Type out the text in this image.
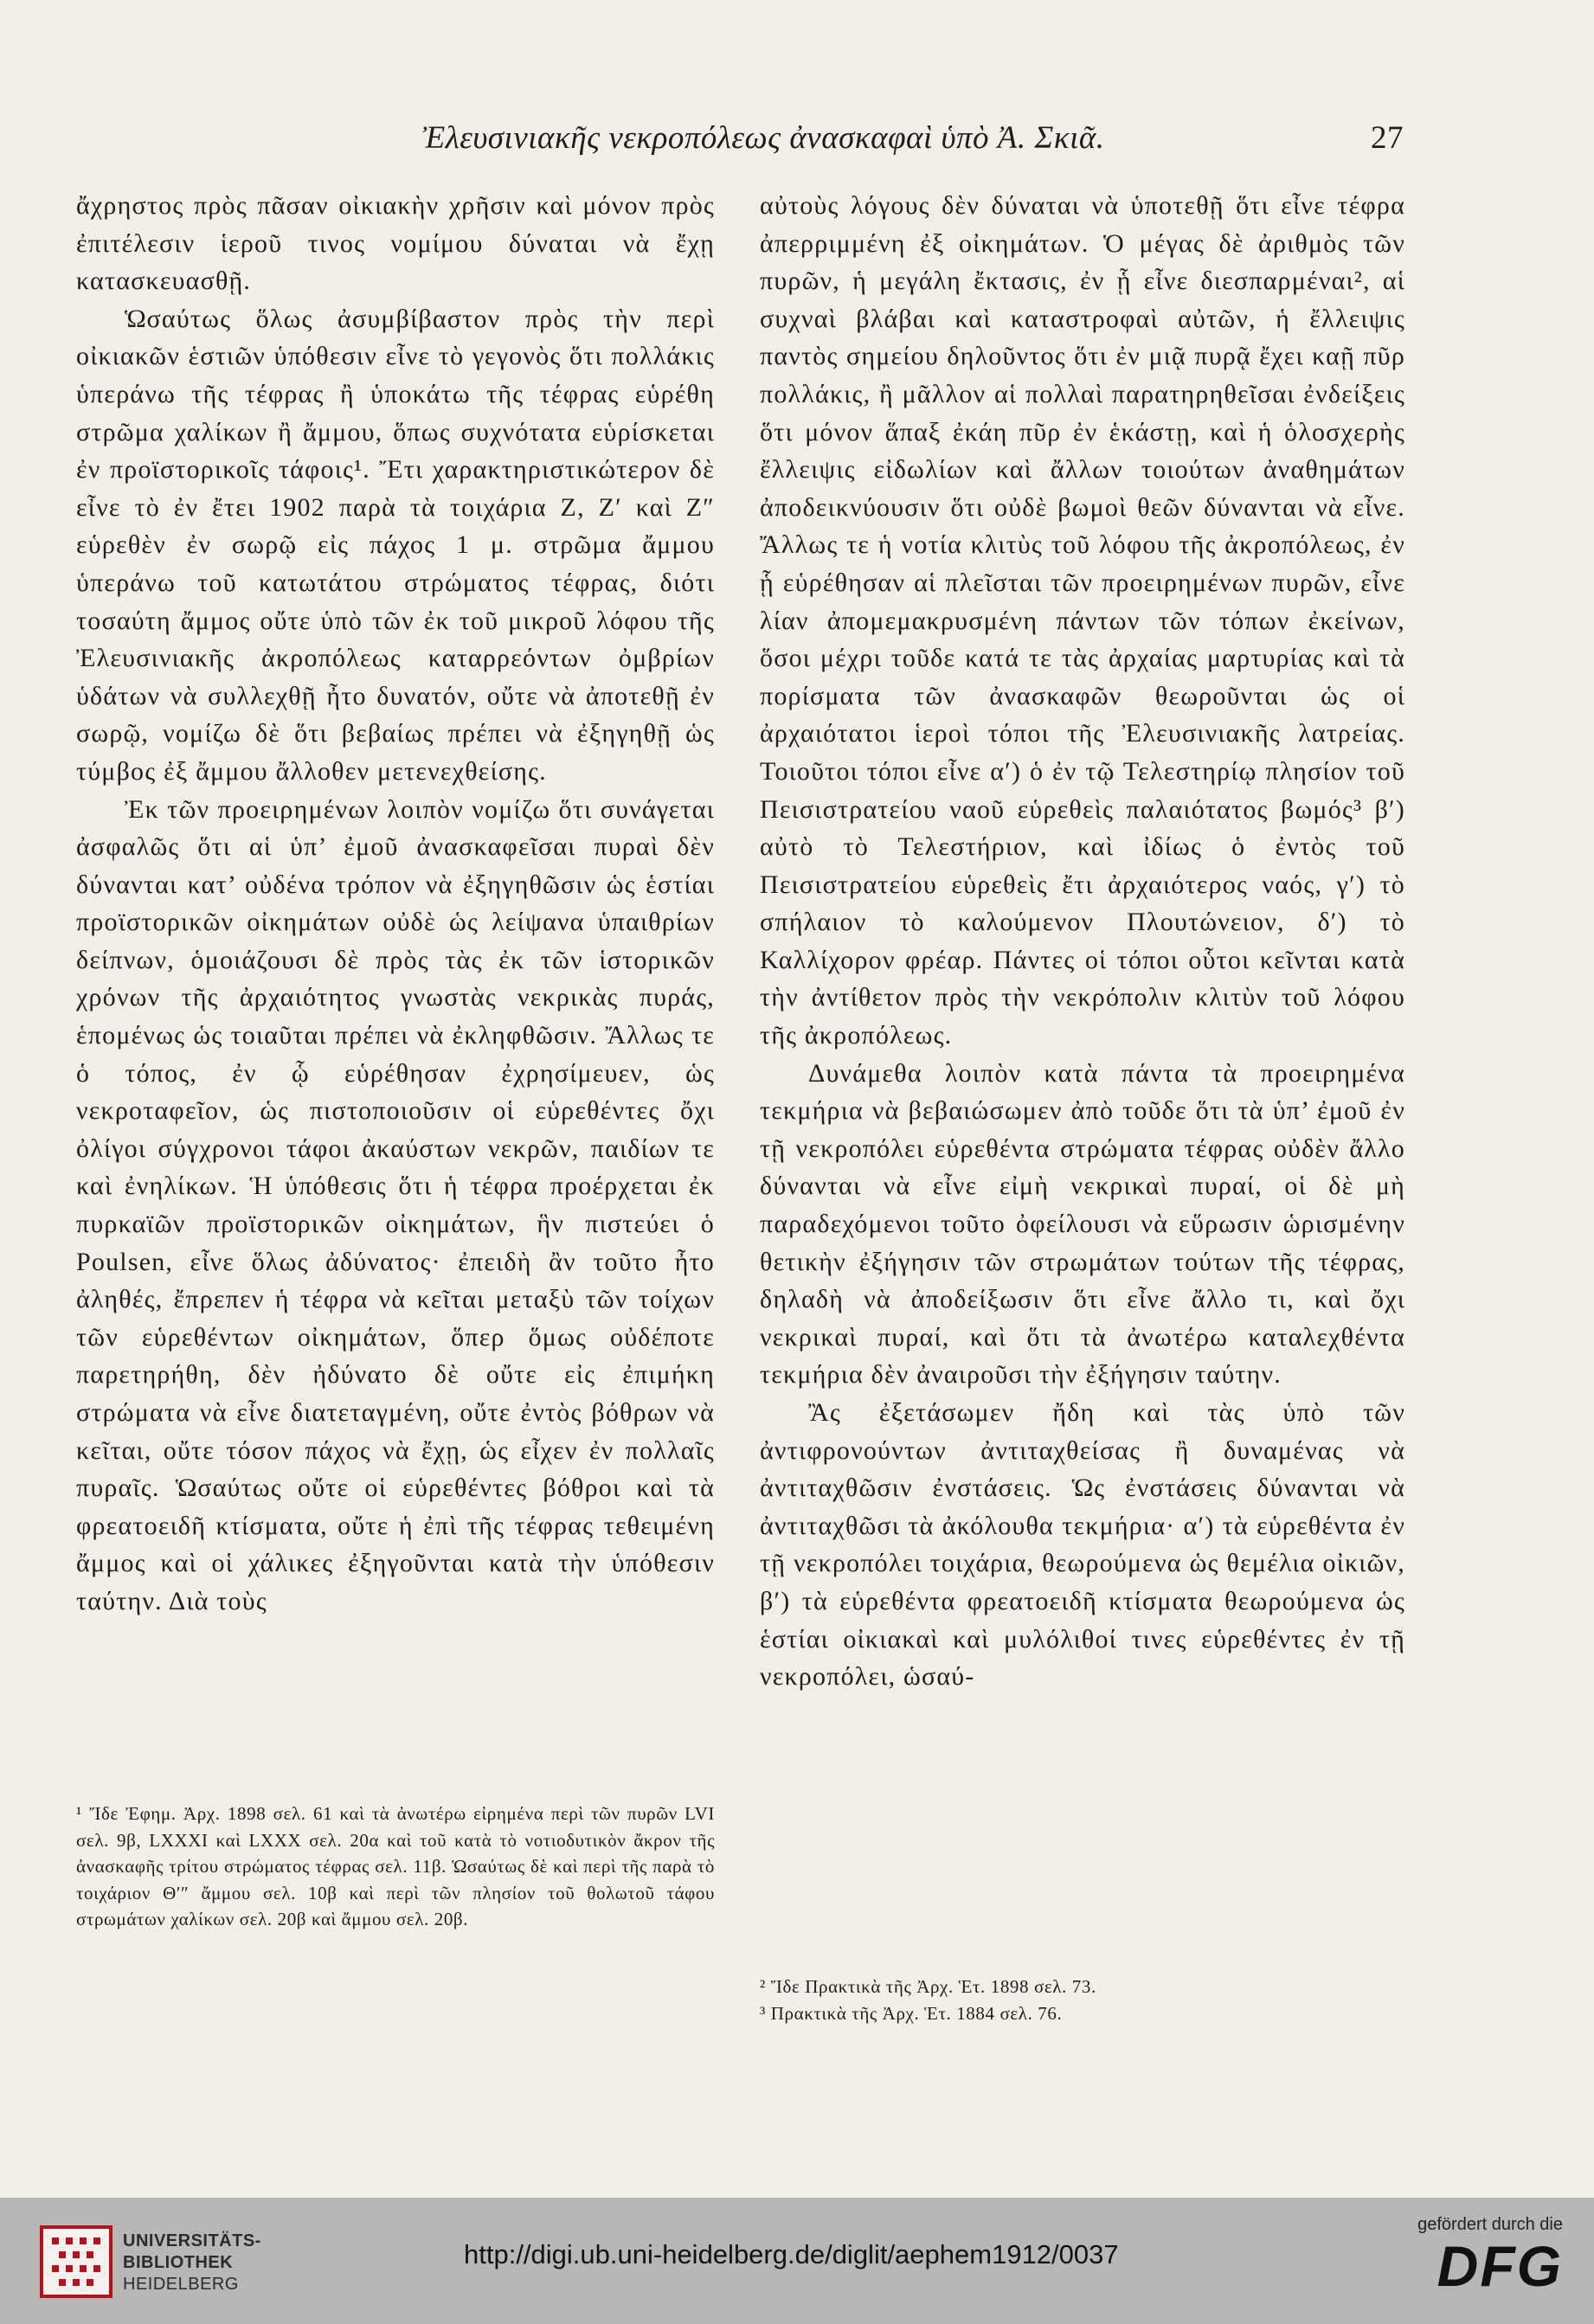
Ἐλευσινιακῆς νεκροπόλεως ἀνασκαφαὶ ὑπὸ Ἀ. Σκιᾶ.	27

ἄχρηστος πρὸς πᾶσαν οἰκιακὴν χρῆσιν καὶ μόνον πρὸς ἐπιτέλεσιν ἱεροῦ τινος νομίμου δύναται νὰ ἔχῃ κατασκευασθῇ.

Ὡσαύτως ὅλως ἀσυμβίβαστον πρὸς τὴν περὶ οἰκιακῶν ἑστιῶν ὑπόθεσιν εἶνε τὸ γεγονὸς ὅτι πολλάκις ὑπεράνω τῆς τέφρας ἢ ὑποκάτω τῆς τέφρας εὑρέθη στρῶμα χαλίκων ἢ ἄμμου, ὅπως συχνότατα εὑρίσκεται ἐν προϊστορικοῖς τάφοις¹. Ἔτι χαρακτηριστικώτερον δὲ εἶνε τὸ ἐν ἔτει 1902 παρὰ τὰ τοιχάρια Ζ, Ζ′ καὶ Ζ″ εὑρεθὲν ἐν σωρῷ εἰς πάχος 1 μ. στρῶμα ἄμμου ὑπεράνω τοῦ κατωτάτου στρώματος τέφρας, διότι τοσαύτη ἄμμος οὔτε ὑπὸ τῶν ἐκ τοῦ μικροῦ λόφου τῆς Ἐλευσινιακῆς ἀκροπόλεως καταρρεόντων ὀμβρίων ὑδάτων νὰ συλλεχθῇ ἦτο δυνατόν, οὔτε νὰ ἀποτεθῇ ἐν σωρῷ, νομίζω δὲ ὅτι βεβαίως πρέπει νὰ ἐξηγηθῇ ὡς τύμβος ἐξ ἄμμου ἄλλοθεν μετενεχθείσης.

Ἐκ τῶν προειρημένων λοιπὸν νομίζω ὅτι συνάγεται ἀσφαλῶς ὅτι αἱ ὑπ’ ἐμοῦ ἀνασκαφεῖσαι πυραὶ δὲν δύνανται κατ’ οὐδένα τρόπον νὰ ἐξηγηθῶσιν ὡς ἑστίαι προϊστορικῶν οἰκημάτων οὐδὲ ὡς λείψανα ὑπαιθρίων δείπνων, ὁμοιάζουσι δὲ πρὸς τὰς ἐκ τῶν ἱστορικῶν χρόνων τῆς ἀρχαιότητος γνωστὰς νεκρικὰς πυράς, ἑπομένως ὡς τοιαῦται πρέπει νὰ ἐκληφθῶσιν. Ἄλλως τε ὁ τόπος, ἐν ᾧ εὑρέθησαν ἐχρησίμευεν, ὡς νεκροταφεῖον, ὡς πιστοποιοῦσιν οἱ εὑρεθέντες ὄχι ὀλίγοι σύγχρονοι τάφοι ἀκαύστων νεκρῶν, παιδίων τε καὶ ἐνηλίκων. Ἡ ὑπόθεσις ὅτι ἡ τέφρα προέρχεται ἐκ πυρκαϊῶν προϊστορικῶν οἰκημάτων, ἣν πιστεύει ὁ Poulsen, εἶνε ὅλως ἀδύνατος· ἐπειδὴ ἂν τοῦτο ἦτο ἀληθές, ἔπρεπεν ἡ τέφρα νὰ κεῖται μεταξὺ τῶν τοίχων τῶν εὑρεθέντων οἰκημάτων, ὅπερ ὅμως οὐδέποτε παρετηρήθη, δὲν ἠδύνατο δὲ οὔτε εἰς ἐπιμήκη στρώματα νὰ εἶνε διατεταγμένη, οὔτε ἐντὸς βόθρων νὰ κεῖται, οὔτε τόσον πάχος νὰ ἔχῃ, ὡς εἶχεν ἐν πολλαῖς πυραῖς. Ὡσαύτως οὔτε οἱ εὑρεθέντες βόθροι καὶ τὰ φρεατοειδῆ κτίσματα, οὔτε ἡ ἐπὶ τῆς τέφρας τεθειμένη ἄμμος καὶ οἱ χάλικες ἐξηγοῦνται κατὰ τὴν ὑπόθεσιν ταύτην. Διὰ τοὺς

αὐτοὺς λόγους δὲν δύναται νὰ ὑποτεθῇ ὅτι εἶνε τέφρα ἀπερριμμένη ἐξ οἰκημάτων. Ὁ μέγας δὲ ἀριθμὸς τῶν πυρῶν, ἡ μεγάλη ἔκτασις, ἐν ᾗ εἶνε διεσπαρμέναι², αἱ συχναὶ βλάβαι καὶ καταστροφαὶ αὐτῶν, ἡ ἔλλειψις παντὸς σημείου δηλοῦντος ὅτι ἐν μιᾷ πυρᾷ ἔχει καῇ πῦρ πολλάκις, ἢ μᾶλλον αἱ πολλαὶ παρατηρηθεῖσαι ἐνδείξεις ὅτι μόνον ἅπαξ ἐκάη πῦρ ἐν ἑκάστῃ, καὶ ἡ ὁλοσχερὴς ἔλλειψις εἰδωλίων καὶ ἄλλων τοιούτων ἀναθημάτων ἀποδεικνύουσιν ὅτι οὐδὲ βωμοὶ θεῶν δύνανται νὰ εἶνε. Ἄλλως τε ἡ νοτία κλιτὺς τοῦ λόφου τῆς ἀκροπόλεως, ἐν ᾗ εὑρέθησαν αἱ πλεῖσται τῶν προειρημένων πυρῶν, εἶνε λίαν ἀπομεμακρυσμένη πάντων τῶν τόπων ἐκείνων, ὅσοι μέχρι τοῦδε κατά τε τὰς ἀρχαίας μαρτυρίας καὶ τὰ πορίσματα τῶν ἀνασκαφῶν θεωροῦνται ὡς οἱ ἀρχαιότατοι ἱεροὶ τόποι τῆς Ἐλευσινιακῆς λατρείας. Τοιοῦτοι τόποι εἶνε α′) ὁ ἐν τῷ Τελεστηρίῳ πλησίον τοῦ Πεισιστρατείου ναοῦ εὑρεθεὶς παλαιότατος βωμός³ β′) αὐτὸ τὸ Τελεστήριον, καὶ ἰδίως ὁ ἐντὸς τοῦ Πεισιστρατείου εὑρεθεὶς ἔτι ἀρχαιότερος ναός, γ′) τὸ σπήλαιον τὸ καλούμενον Πλουτώνειον, δ′) τὸ Καλλίχορον φρέαρ. Πάντες οἱ τόποι οὗτοι κεῖνται κατὰ τὴν ἀντίθετον πρὸς τὴν νεκρόπολιν κλιτὺν τοῦ λόφου τῆς ἀκροπόλεως.

Δυνάμεθα λοιπὸν κατὰ πάντα τὰ προειρημένα τεκμήρια νὰ βεβαιώσωμεν ἀπὸ τοῦδε ὅτι τὰ ὑπ’ ἐμοῦ ἐν τῇ νεκροπόλει εὑρεθέντα στρώματα τέφρας οὐδὲν ἄλλο δύνανται νὰ εἶνε εἰμὴ νεκρικαὶ πυραί, οἱ δὲ μὴ παραδεχόμενοι τοῦτο ὀφείλουσι νὰ εὕρωσιν ὡρισμένην θετικὴν ἐξήγησιν τῶν στρωμάτων τούτων τῆς τέφρας, δηλαδὴ νὰ ἀποδείξωσιν ὅτι εἶνε ἄλλο τι, καὶ ὄχι νεκρικαὶ πυραί, καὶ ὅτι τὰ ἀνωτέρω καταλεχθέντα τεκμήρια δὲν ἀναιροῦσι τὴν ἐξήγησιν ταύτην.

Ἂς ἐξετάσωμεν ἤδη καὶ τὰς ὑπὸ τῶν ἀντιφρονούντων ἀντιταχθείσας ἢ δυναμένας νὰ ἀντιταχθῶσιν ἐνστάσεις. Ὡς ἐνστάσεις δύνανται νὰ ἀντιταχθῶσι τὰ ἀκόλουθα τεκμήρια· α′) τὰ εὑρεθέντα ἐν τῇ νεκροπόλει τοιχάρια, θεωρούμενα ὡς θεμέλια οἰκιῶν, β′) τὰ εὑρεθέντα φρεατοειδῆ κτίσματα θεωρούμενα ὡς ἑστίαι οἰκιακαὶ καὶ μυλόλιθοί τινες εὑρεθέντες ἐν τῇ νεκροπόλει, ὡσαύ-

¹ Ἴδε Ἐφημ. Ἀρχ. 1898 σελ. 61 καὶ τὰ ἀνωτέρω εἰρημένα περὶ τῶν πυρῶν LVI σελ. 9β, LXXXI καὶ LXXX σελ. 20α καὶ τοῦ κατὰ τὸ νοτιοδυτικὸν ἄκρον τῆς ἀνασκαφῆς τρίτου στρώματος τέφρας σελ. 11β. Ὡσαύτως δὲ καὶ περὶ τῆς παρὰ τὸ τοιχάριον Θ′″ ἄμμου σελ. 10β καὶ περὶ τῶν πλησίον τοῦ θολωτοῦ τάφου στρωμάτων χαλίκων σελ. 20β καὶ ἄμμου σελ. 20β.

² Ἴδε Πρακτικὰ τῆς Ἀρχ. Ἑτ. 1898 σελ. 73.

³ Πρακτικὰ τῆς Ἀρχ. Ἑτ. 1884 σελ. 76.

UNIVERSITÄTS-
BIBLIOTHEK
HEIDELBERG
http://digi.ub.uni-heidelberg.de/diglit/aephem1912/0037
gefördert durch die
DFG
